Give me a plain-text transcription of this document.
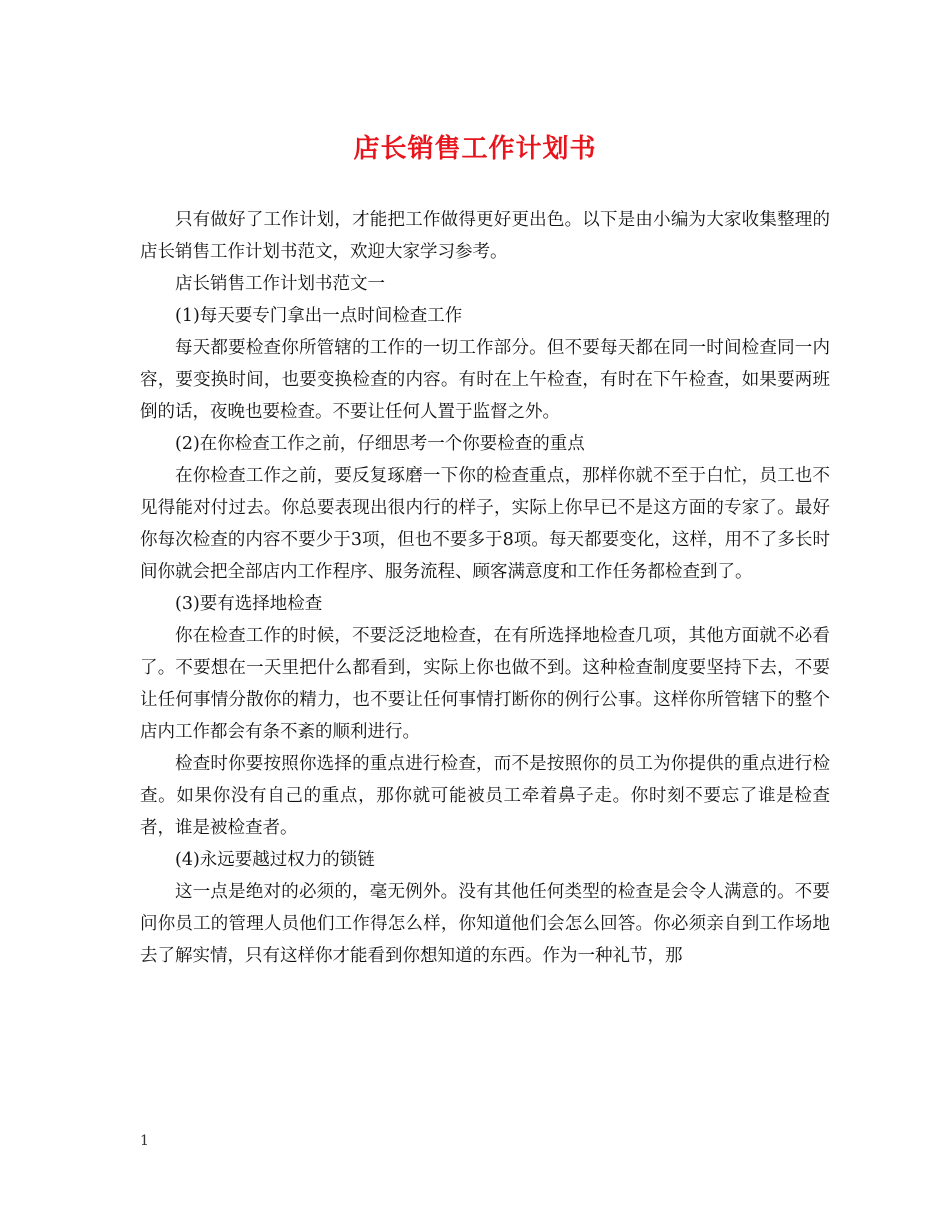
店长销售工作计划书

只有做好了工作计划，才能把工作做得更好更出色。以下是由小编为大家收集整理的店长销售工作计划书范文，欢迎大家学习参考。

店长销售工作计划书范文一

(1)每天要专门拿出一点时间检查工作

每天都要检查你所管辖的工作的一切工作部分。但不要每天都在同一时间检查同一内容，要变换时间，也要变换检查的内容。有时在上午检查，有时在下午检查，如果要两班倒的话，夜晚也要检查。不要让任何人置于监督之外。

(2)在你检查工作之前，仔细思考一个你要检查的重点

在你检查工作之前，要反复琢磨一下你的检查重点，那样你就不至于白忙，员工也不见得能对付过去。你总要表现出很内行的样子，实际上你早已不是这方面的专家了。最好你每次检查的内容不要少于3项，但也不要多于8项。每天都要变化，这样，用不了多长时间你就会把全部店内工作程序、服务流程、顾客满意度和工作任务都检查到了。

(3)要有选择地检查

你在检查工作的时候，不要泛泛地检查，在有所选择地检查几项，其他方面就不必看了。不要想在一天里把什么都看到，实际上你也做不到。这种检查制度要坚持下去，不要让任何事情分散你的精力，也不要让任何事情打断你的例行公事。这样你所管辖下的整个店内工作都会有条不紊的顺利进行。

检查时你要按照你选择的重点进行检查，而不是按照你的员工为你提供的重点进行检查。如果你没有自己的重点，那你就可能被员工牵着鼻子走。你时刻不要忘了谁是检查者，谁是被检查者。

(4)永远要越过权力的锁链

这一点是绝对的必须的，毫无例外。没有其他任何类型的检查是会令人满意的。不要问你员工的管理人员他们工作得怎么样，你知道他们会怎么回答。你必须亲自到工作场地去了解实情，只有这样你才能看到你想知道的东西。作为一种礼节，那

1
